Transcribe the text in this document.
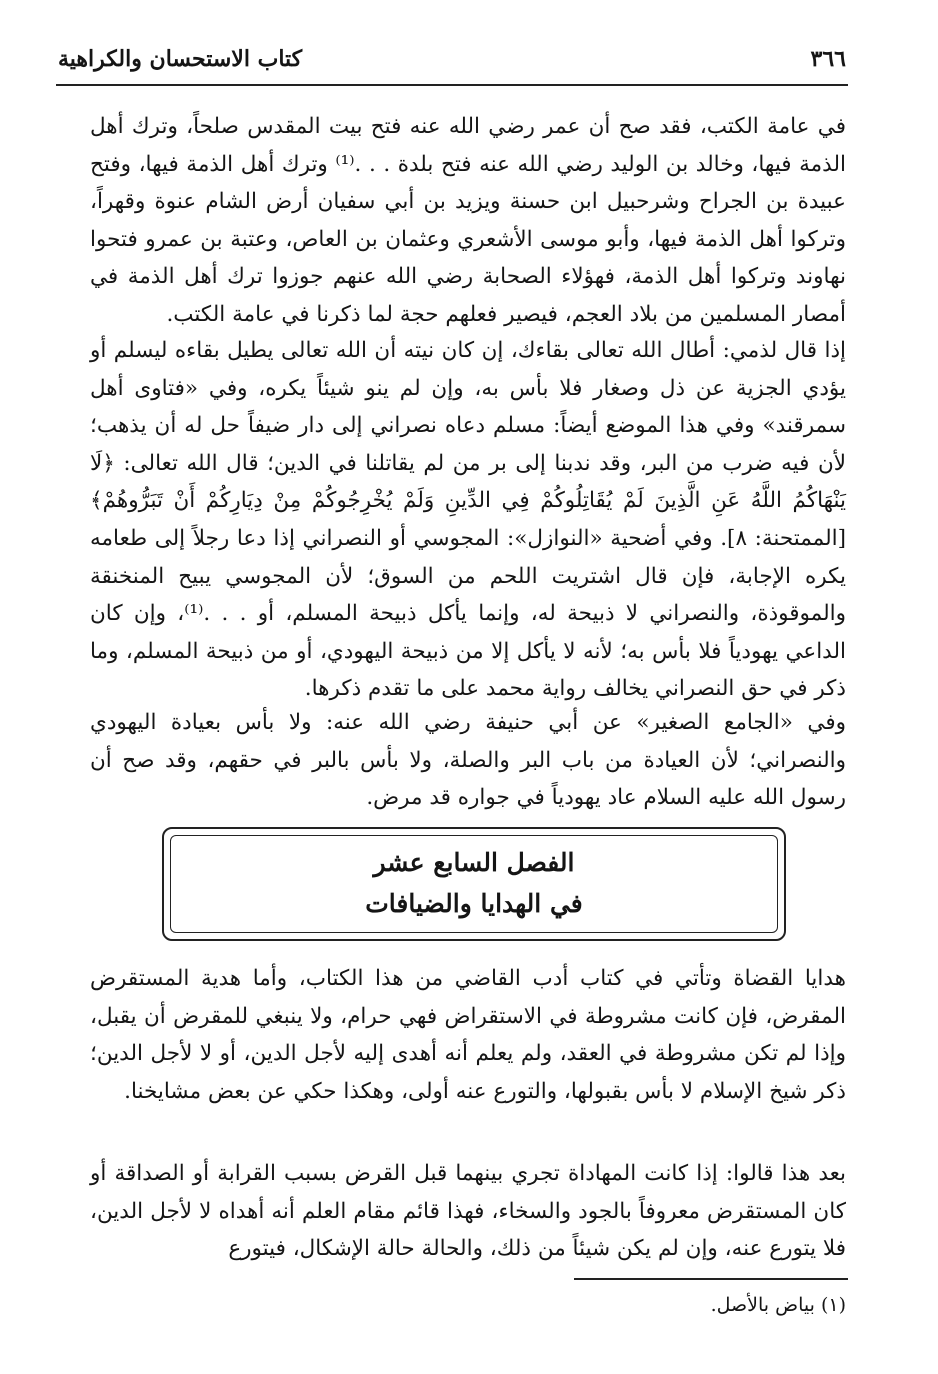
٣٦٦
كتاب الاستحسان والكراهية

في عامة الكتب، فقد صح أن عمر رضي الله عنه فتح بيت المقدس صلحاً، وترك أهل الذمة فيها، وخالد بن الوليد رضي الله عنه فتح بلدة . . .⁽¹⁾ وترك أهل الذمة فيها، وفتح عبيدة بن الجراح وشرحبيل ابن حسنة ويزيد بن أبي سفيان أرض الشام عنوة وقهراً، وتركوا أهل الذمة فيها، وأبو موسى الأشعري وعثمان بن العاص، وعتبة بن عمرو فتحوا نهاوند وتركوا أهل الذمة، فهؤلاء الصحابة رضي الله عنهم جوزوا ترك أهل الذمة في أمصار المسلمين من بلاد العجم، فيصير فعلهم حجة لما ذكرنا في عامة الكتب.

إذا قال لذمي: أطال الله تعالى بقاءك، إن كان نيته أن الله تعالى يطيل بقاءه ليسلم أو يؤدي الجزية عن ذل وصغار فلا بأس به، وإن لم ينو شيئاً يكره، وفي «فتاوى أهل سمرقند» وفي هذا الموضع أيضاً: مسلم دعاه نصراني إلى دار ضيفاً حل له أن يذهب؛ لأن فيه ضرب من البر، وقد ندبنا إلى بر من لم يقاتلنا في الدين؛ قال الله تعالى: ﴿لَا يَنْهَاكُمُ اللَّهُ عَنِ الَّذِينَ لَمْ يُقَاتِلُوكُمْ فِي الدِّينِ وَلَمْ يُخْرِجُوكُمْ مِنْ دِيَارِكُمْ أَنْ تَبَرُّوهُمْ﴾ [الممتحنة: ٨]. وفي أضحية «النوازل»: المجوسي أو النصراني إذا دعا رجلاً إلى طعامه يكره الإجابة، فإن قال اشتريت اللحم من السوق؛ لأن المجوسي يبيح المنخنقة والموقوذة، والنصراني لا ذبيحة له، وإنما يأكل ذبيحة المسلم، أو . . .⁽¹⁾، وإن كان الداعي يهودياً فلا بأس به؛ لأنه لا يأكل إلا من ذبيحة اليهودي، أو من ذبيحة المسلم، وما ذكر في حق النصراني يخالف رواية محمد على ما تقدم ذكرها.

وفي «الجامع الصغير» عن أبي حنيفة رضي الله عنه: ولا بأس بعيادة اليهودي والنصراني؛ لأن العيادة من باب البر والصلة، ولا بأس بالبر في حقهم، وقد صح أن رسول الله عليه السلام عاد يهودياً في جواره قد مرض.

الفصل السابع عشر
في الهدايا والضيافات

هدايا القضاة وتأتي في كتاب أدب القاضي من هذا الكتاب، وأما هدية المستقرض المقرض، فإن كانت مشروطة في الاستقراض فهي حرام، ولا ينبغي للمقرض أن يقبل، وإذا لم تكن مشروطة في العقد، ولم يعلم أنه أهدى إليه لأجل الدين، أو لا لأجل الدين؛ ذكر شيخ الإسلام لا بأس بقبولها، والتورع عنه أولى، وهكذا حكي عن بعض مشايخنا.

بعد هذا قالوا: إذا كانت المهاداة تجري بينهما قبل القرض بسبب القرابة أو الصداقة أو كان المستقرض معروفاً بالجود والسخاء، فهذا قائم مقام العلم أنه أهداه لا لأجل الدين، فلا يتورع عنه، وإن لم يكن شيئاً من ذلك، والحالة حالة الإشكال، فيتورع

(١) بياض بالأصل.
